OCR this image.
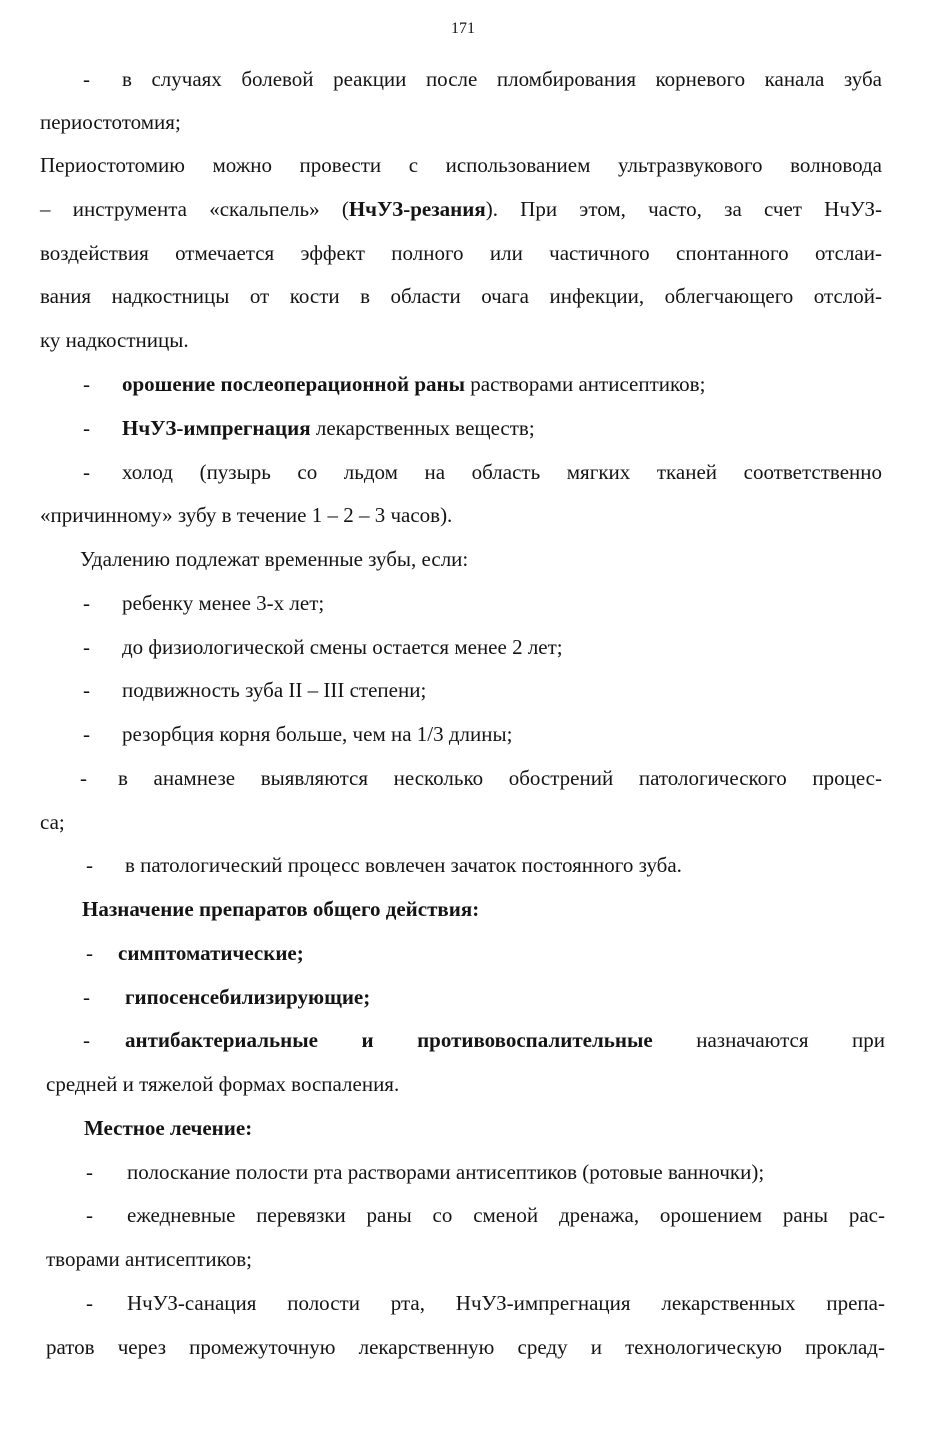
171
- в случаях болевой реакции после пломбирования корневого канала зуба
периостотомия;
Периостотомию можно провести с использованием ультразвукового волновода
– инструмента «скальпель» (НчУЗ-резания). При этом, часто, за счет НчУЗ-
воздействия отмечается эффект полного или частичного спонтанного отслаи-
вания надкостницы от кости в области очага инфекции, облегчающего отслой-
ку надкостницы.
- орошение послеоперационной раны растворами антисептиков;
- НчУЗ-импрегнация лекарственных веществ;
- холод (пузырь со льдом на область мягких тканей соответственно
«причинному» зубу в течение 1 – 2 – 3 часов).
Удалению подлежат временные зубы, если:
- ребенку менее 3-х лет;
- до физиологической смены остается менее 2 лет;
- подвижность зуба II – III степени;
- резорбция корня больше, чем на 1/3 длины;
- в анамнезе выявляются несколько обострений патологического процес-
са;
- в патологический процесс вовлечен зачаток постоянного зуба.
Назначение препаратов общего действия:
- симптоматические;
- гипосенсебилизирующие;
- антибактериальные и противовоспалительные назначаются при
средней и тяжелой формах воспаления.
Местное лечение:
- полоскание полости рта растворами антисептиков (ротовые ванночки);
- ежедневные перевязки раны со сменой дренажа, орошением раны рас-
творами антисептиков;
- НчУЗ-санация полости рта, НчУЗ-импрегнация лекарственных препа-
ратов через промежуточную лекарственную среду и технологическую проклад-
